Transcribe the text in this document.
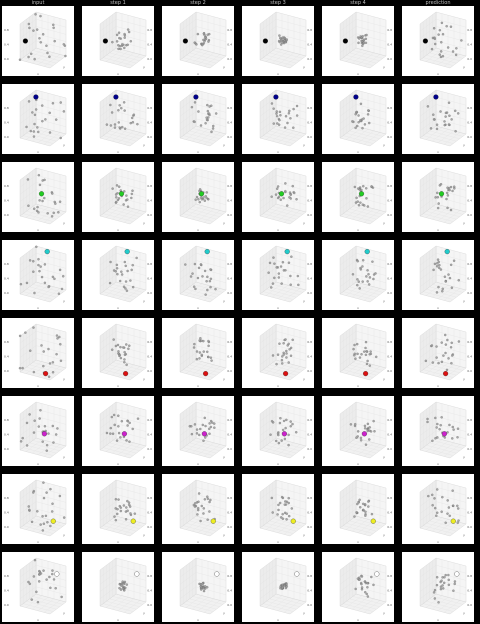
input	step 1	step 2	step 3	step 4	prediction
0.0
0.4
0.8
x
y
0.0
0.4
0.8
x
y
0.0
0.4
0.8
x
y
0.0
0.4
0.8
x
y
0.0
0.4
0.8
x
y
0.0
0.4
0.8
x
y
0.0
0.4
0.8
x
y
0.0
0.4
0.8
x
y
0.0
0.4
0.8
x
y
0.0
0.4
0.8
x
y
0.0
0.4
0.8
x
y
0.0
0.4
0.8
x
y
0.0
0.4
0.8
x
y
0.0
0.4
0.8
x
y
0.0
0.4
0.8
x
y
0.0
0.4
0.8
x
y
0.0
0.4
0.8
x
y
0.0
0.4
0.8
x
y
0.0
0.4
0.8
x
y
0.0
0.4
0.8
x
y
0.0
0.4
0.8
x
y
0.0
0.4
0.8
x
y
0.0
0.4
0.8
x
y
0.0
0.4
0.8
x
y
0.0
0.4
0.8
x
y
0.0
0.4
0.8
x
y
0.0
0.4
0.8
x
y
0.0
0.4
0.8
x
y
0.0
0.4
0.8
x
y
0.0
0.4
0.8
x
y
0.0
0.4
0.8
x
y
0.0
0.4
0.8
x
y
0.0
0.4
0.8
x
y
0.0
0.4
0.8
x
y
0.0
0.4
0.8
x
y
0.0
0.4
0.8
x
y
0.0
0.4
0.8
x
y
0.0
0.4
0.8
x
y
0.0
0.4
0.8
x
y
0.0
0.4
0.8
x
y
0.0
0.4
0.8
x
y
0.0
0.4
0.8
x
y
0.0
0.4
0.8
x
y
0.0
0.4
0.8
x
y
0.0
0.4
0.8
x
y
0.0
0.4
0.8
x
y
0.0
0.4
0.8
x
y
0.0
0.4
0.8
x
y
